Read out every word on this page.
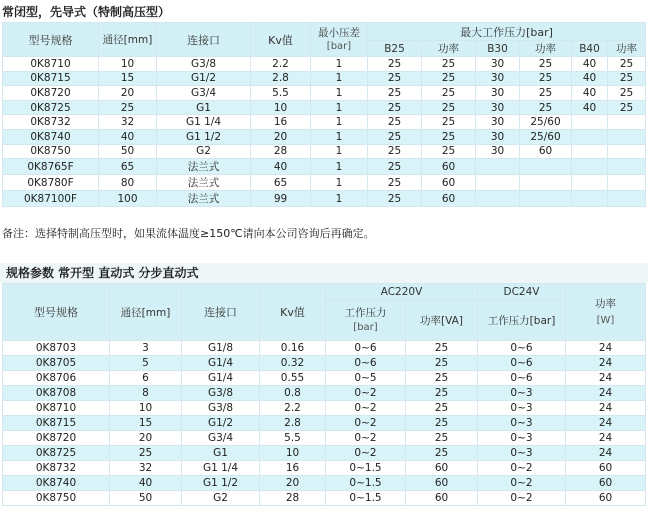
常闭型，先导式（特制高压型）
型号规格	通径[mm]	连接口	Kv值	最小压差
[bar]	最大工作压力[bar]					
					B25	功率	B30	功率	B40	功率
0K8710	10	G3/8	2.2	1	25	25	30	25	40	25
0K8715	15	G1/2	2.8	1	25	25	30	25	40	25
0K8720	20	G3/4	5.5	1	25	25	30	25	40	25
0K8725	25	G1	10	1	25	25	30	25	40	25
0K8732	32	G1 1/4	16	1	25	25	30	25/60		
0K8740	40	G1 1/2	20	1	25	25	30	25/60		
0K8750	50	G2	28	1	25	25	30	60		
0K8765F	65	法兰式	40	1	25	60				
0K8780F	80	法兰式	65	1	25	60				
0K87100F	100	法兰式	99	1	25	60				
备注：选择特制高压型时，如果流体温度≥150℃请向本公司咨询后再确定。
规格参数 常开型 直动式 分步直动式
型号规格	通径[mm]	连接口	Kv值	AC220V		DC24V	功率
[W]
				工作压力
[bar]	功率[VA]	工作压力[bar]	
0K8703	3	G1/8	0.16	0~6	25	0~6	24
0K8705	5	G1/4	0.32	0~6	25	0~6	24
0K8706	6	G1/4	0.55	0~5	25	0~6	24
0K8708	8	G3/8	0.8	0~2	25	0~3	24
0K8710	10	G3/8	2.2	0~2	25	0~3	24
0K8715	15	G1/2	2.8	0~2	25	0~3	24
0K8720	20	G3/4	5.5	0~2	25	0~3	24
0K8725	25	G1	10	0~2	25	0~3	24
0K8732	32	G1 1/4	16	0~1.5	60	0~2	60
0K8740	40	G1 1/2	20	0~1.5	60	0~2	60
0K8750	50	G2	28	0~1.5	60	0~2	60
